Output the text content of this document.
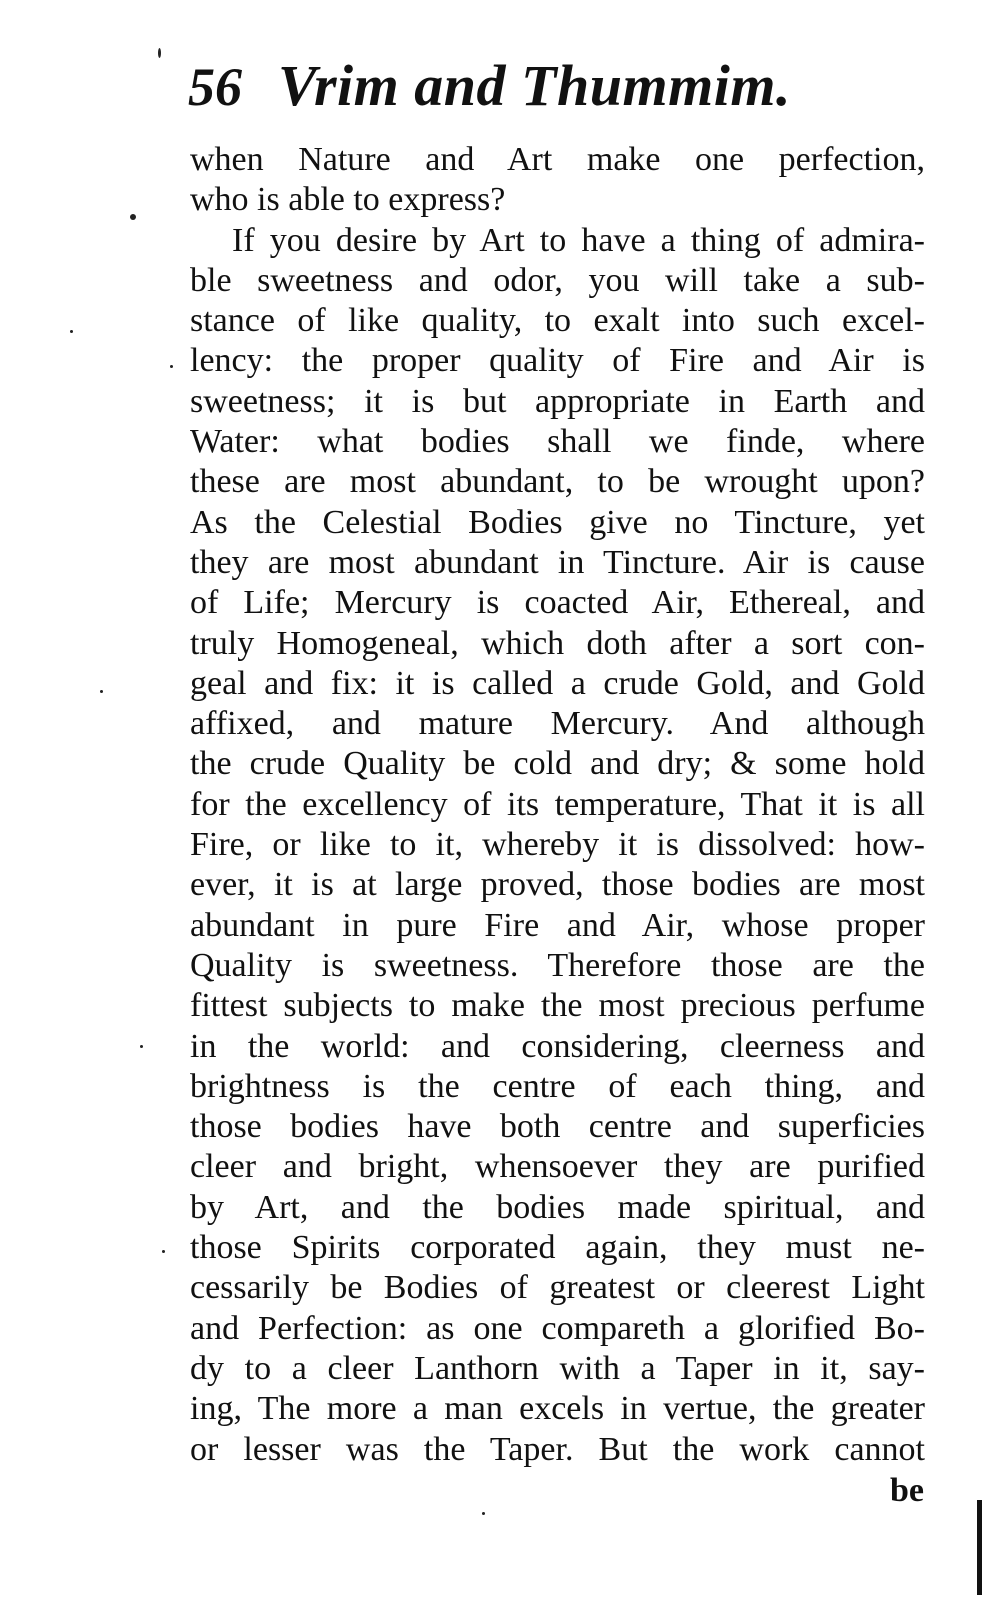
56 Vrim and Thummim.
when Nature and Art make one perfection,
who is able to express?
If you desire by Art to have a thing of admira-
ble sweetness and odor, you will take a sub-
stance of like quality, to exalt into such excel-
lency: the proper quality of Fire and Air is
sweetness; it is but appropriate in Earth and
Water: what bodies shall we finde, where
these are most abundant, to be wrought upon?
As the Celestial Bodies give no Tincture, yet
they are most abundant in Tincture. Air is cause
of Life; Mercury is coacted Air, Ethereal, and
truly Homogeneal, which doth after a sort con-
geal and fix: it is called a crude Gold, and Gold
affixed, and mature Mercury. And although
the crude Quality be cold and dry; & some hold
for the excellency of its temperature, That it is all
Fire, or like to it, whereby it is dissolved: how-
ever, it is at large proved, those bodies are most
abundant in pure Fire and Air, whose proper
Quality is sweetness. Therefore those are the
fittest subjects to make the most precious perfume
in the world: and considering, cleerness and
brightness is the centre of each thing, and
those bodies have both centre and superficies
cleer and bright, whensoever they are purified
by Art, and the bodies made spiritual, and
those Spirits corporated again, they must ne-
cessarily be Bodies of greatest or cleerest Light
and Perfection: as one compareth a glorified Bo-
dy to a cleer Lanthorn with a Taper in it, say-
ing, The more a man excels in vertue, the greater
or lesser was the Taper. But the work cannot
be
